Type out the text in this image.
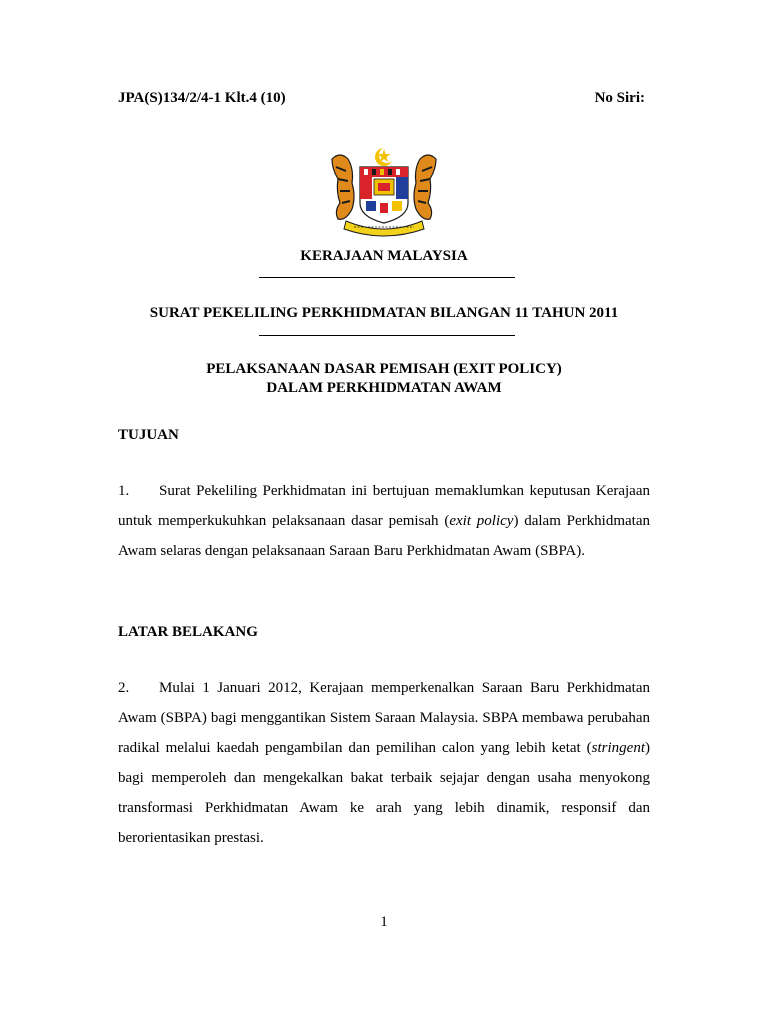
JPA(S)134/2/4-1 Klt.4 (10)	No Siri:

KERAJAAN MALAYSIA

SURAT PEKELILING PERKHIDMATAN BILANGAN 11 TAHUN 2011

PELAKSANAAN DASAR PEMISAH (EXIT POLICY)

DALAM PERKHIDMATAN AWAM

TUJUAN

1. Surat Pekeliling Perkhidmatan ini bertujuan memaklumkan keputusan Kerajaan untuk memperkukuhkan pelaksanaan dasar pemisah (exit policy) dalam Perkhidmatan Awam selaras dengan pelaksanaan Saraan Baru Perkhidmatan Awam (SBPA).

LATAR BELAKANG

2. Mulai 1 Januari 2012, Kerajaan memperkenalkan Saraan Baru Perkhidmatan Awam (SBPA) bagi menggantikan Sistem Saraan Malaysia. SBPA membawa perubahan radikal melalui kaedah pengambilan dan pemilihan calon yang lebih ketat (stringent) bagi memperoleh dan mengekalkan bakat terbaik sejajar dengan usaha menyokong transformasi Perkhidmatan Awam ke arah yang lebih dinamik, responsif dan berorientasikan prestasi.

1
